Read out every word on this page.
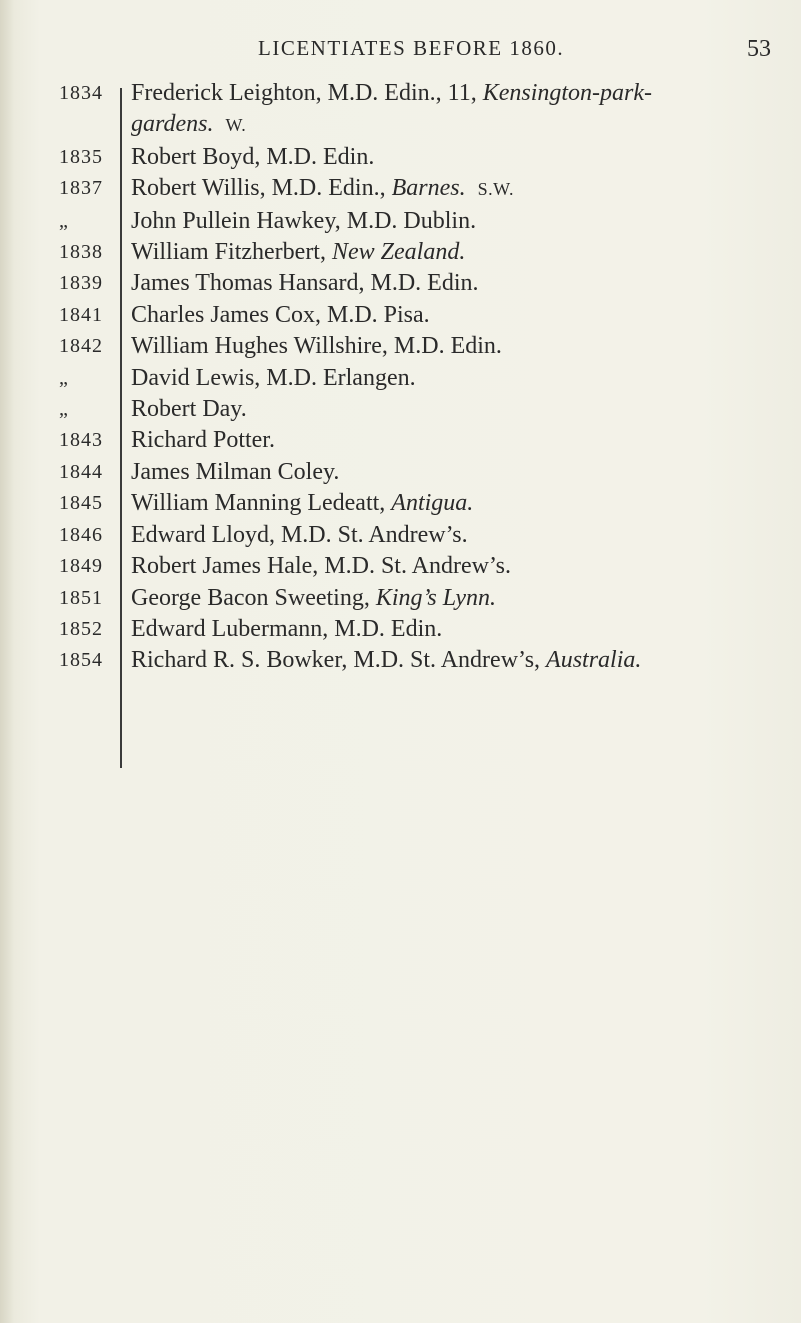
LICENTIATES BEFORE 1860.	53
1834	Frederick Leighton, M.D. Edin., 11, Kensington-park-
gardens. W.
1835	Robert Boyd, M.D. Edin.
1837	Robert Willis, M.D. Edin., Barnes. S.W.
„	John Pullein Hawkey, M.D. Dublin.
1838	William Fitzherbert, New Zealand.
1839	James Thomas Hansard, M.D. Edin.
1841	Charles James Cox, M.D. Pisa.
1842	William Hughes Willshire, M.D. Edin.
„	David Lewis, M.D. Erlangen.
„	Robert Day.
1843	Richard Potter.
1844	James Milman Coley.
1845	William Manning Ledeatt, Antigua.
1846	Edward Lloyd, M.D. St. Andrew’s.
1849	Robert James Hale, M.D. St. Andrew’s.
1851	George Bacon Sweeting, King’s Lynn.
1852	Edward Lubermann, M.D. Edin.
1854	Richard R. S. Bowker, M.D. St. Andrew’s, Australia.
